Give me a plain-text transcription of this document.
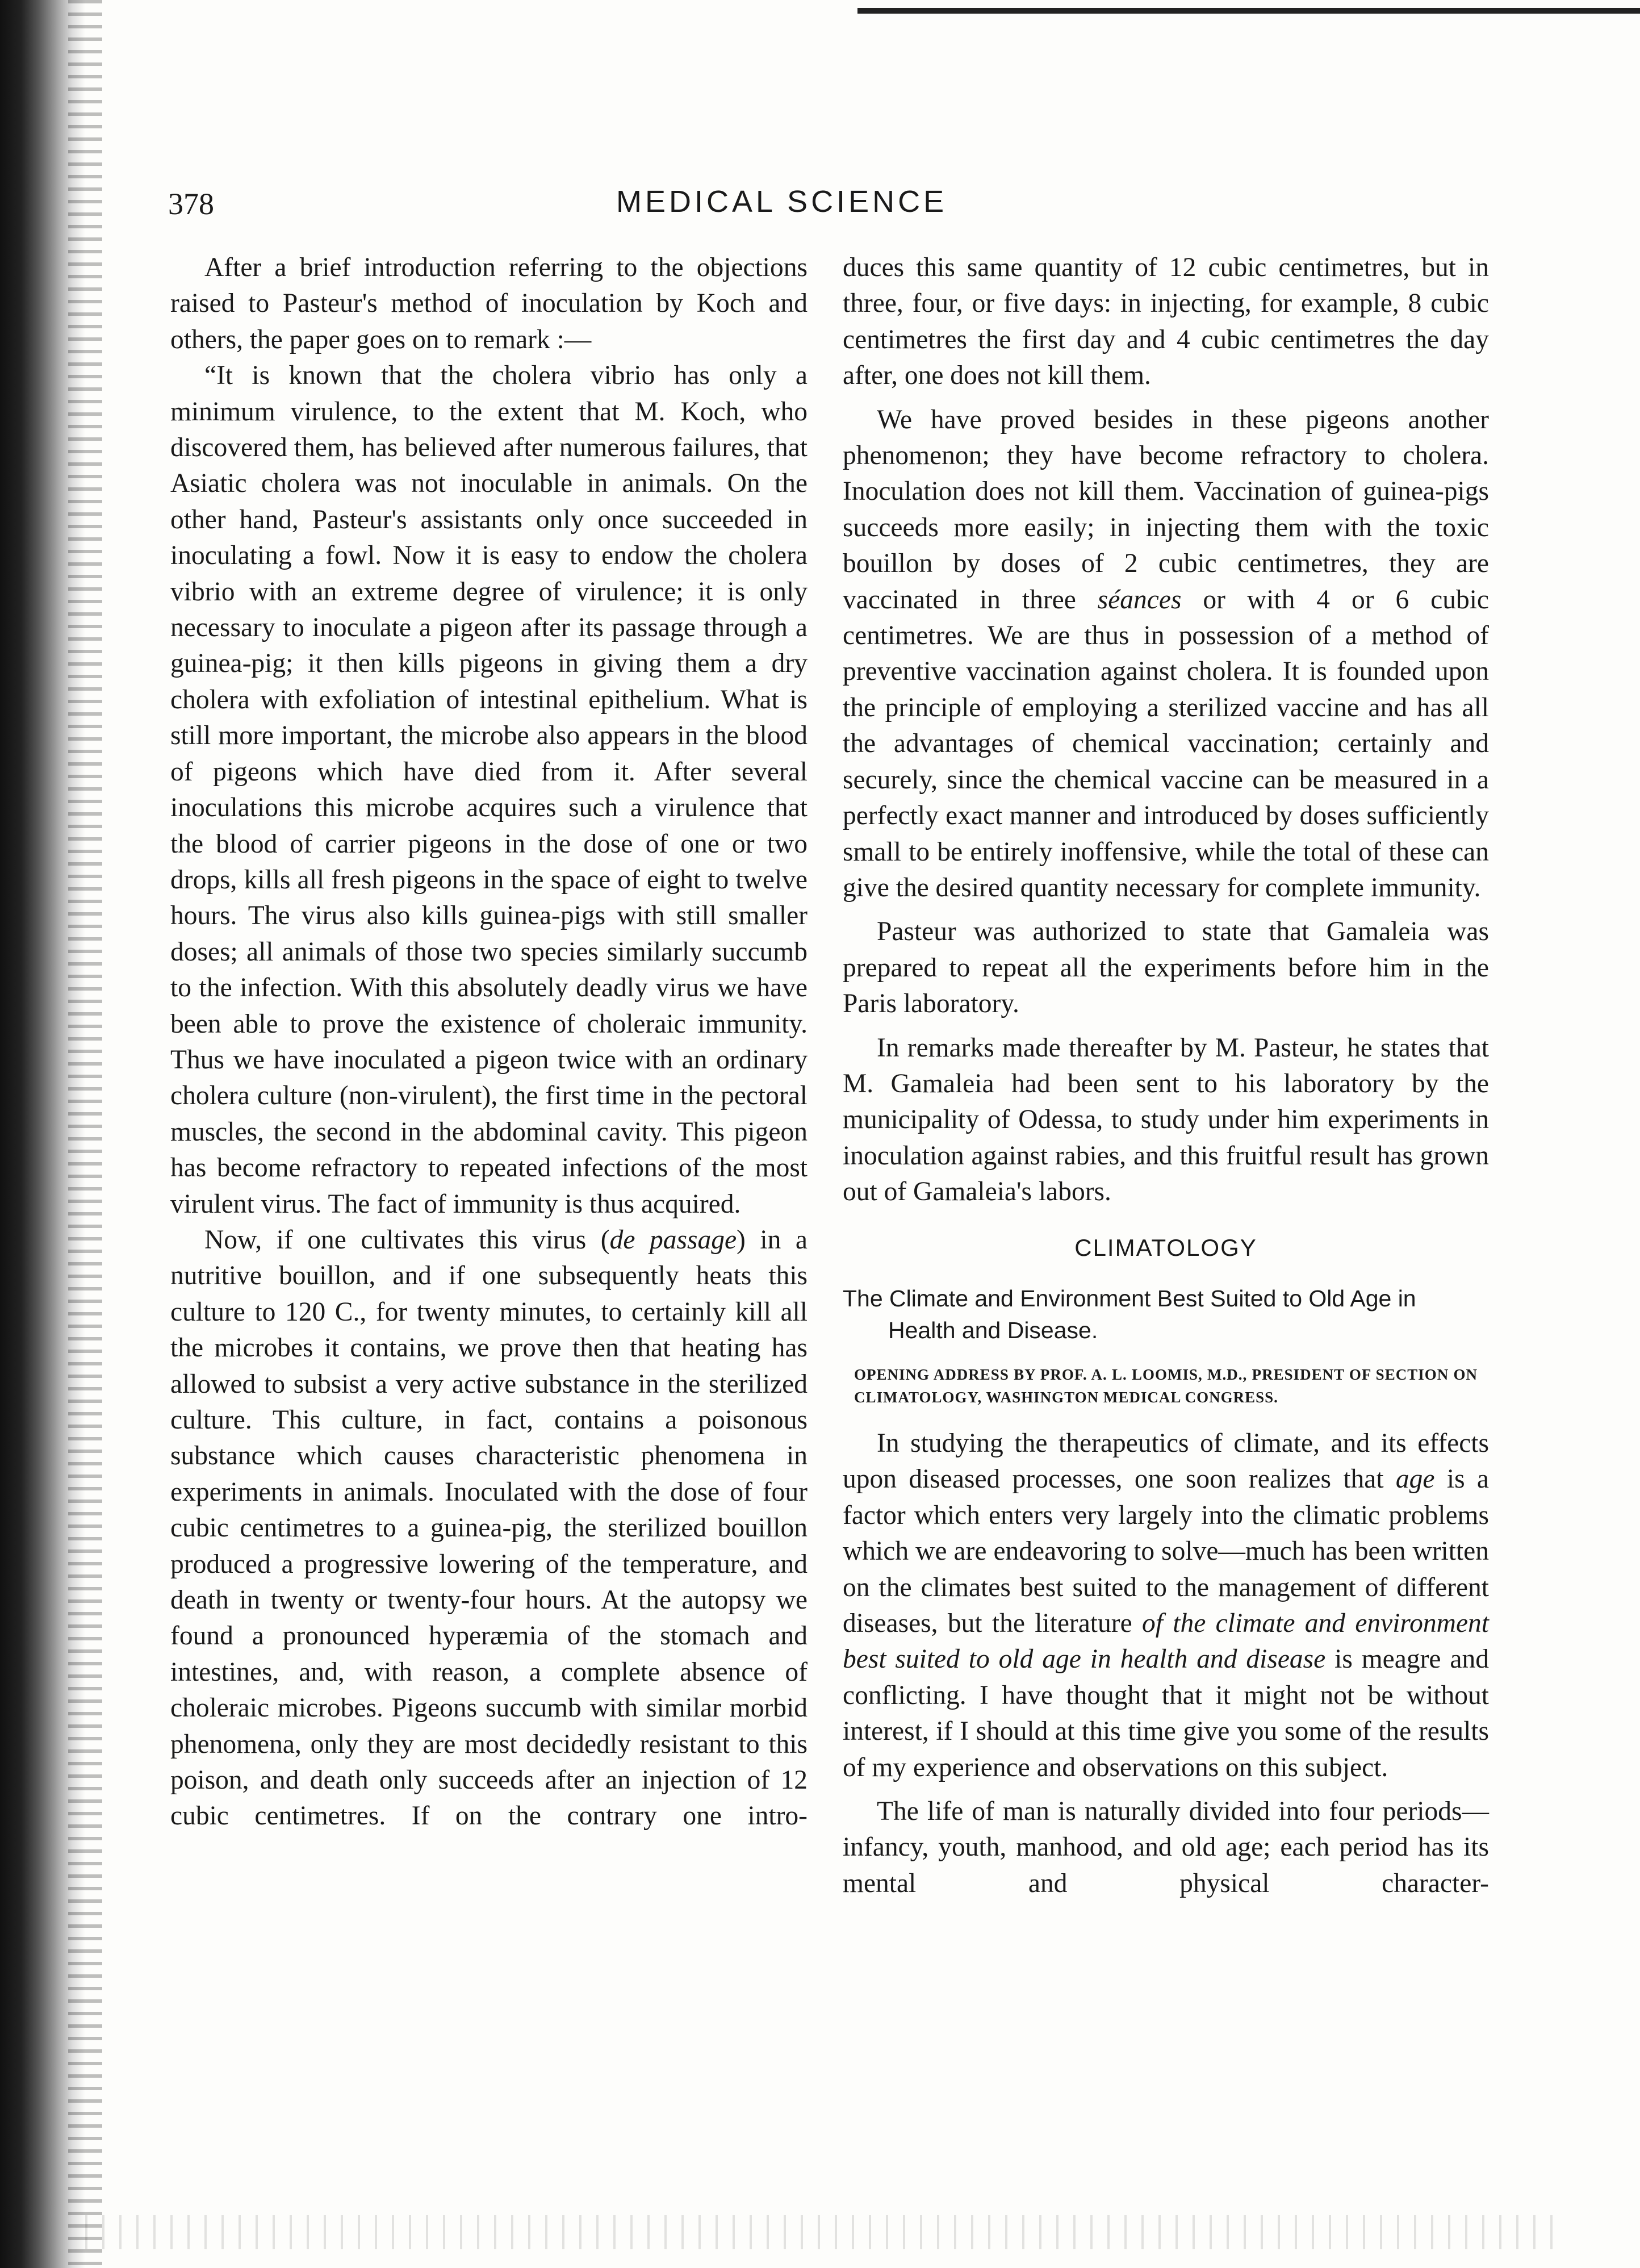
378	MEDICAL SCIENCE

After a brief introduction referring to the objections raised to Pasteur's method of inoculation by Koch and others, the paper goes on to remark :—

“It is known that the cholera vibrio has only a minimum virulence, to the extent that M. Koch, who discovered them, has believed after numerous failures, that Asiatic cholera was not inoculable in animals. On the other hand, Pasteur's assistants only once succeeded in inoculating a fowl. Now it is easy to endow the cholera vibrio with an extreme degree of virulence; it is only necessary to inoculate a pigeon after its passage through a guinea-pig; it then kills pigeons in giving them a dry cholera with exfoliation of intestinal epithelium. What is still more important, the microbe also appears in the blood of pigeons which have died from it. After several inoculations this microbe acquires such a virulence that the blood of carrier pigeons in the dose of one or two drops, kills all fresh pigeons in the space of eight to twelve hours. The virus also kills guinea-pigs with still smaller doses; all animals of those two species similarly succumb to the infection. With this absolutely deadly virus we have been able to prove the existence of choleraic immunity. Thus we have inoculated a pigeon twice with an ordinary cholera culture (non-virulent), the first time in the pectoral muscles, the second in the abdominal cavity. This pigeon has become refractory to repeated infections of the most virulent virus. The fact of immunity is thus acquired.

Now, if one cultivates this virus (de passage) in a nutritive bouillon, and if one subsequently heats this culture to 120 C., for twenty minutes, to certainly kill all the microbes it contains, we prove then that heating has allowed to subsist a very active substance in the sterilized culture. This culture, in fact, contains a poisonous substance which causes characteristic phenomena in experiments in animals. Inoculated with the dose of four cubic centimetres to a guinea-pig, the sterilized bouillon produced a progressive lowering of the temperature, and death in twenty or twenty-four hours. At the autopsy we found a pronounced hyperæmia of the stomach and intestines, and, with reason, a complete absence of choleraic microbes. Pigeons succumb with similar morbid phenomena, only they are most decidedly resistant to this poison, and death only succeeds after an injection of 12 cubic centimetres. If on the contrary one intro-

duces this same quantity of 12 cubic centimetres, but in three, four, or five days: in injecting, for example, 8 cubic centimetres the first day and 4 cubic centimetres the day after, one does not kill them.

We have proved besides in these pigeons another phenomenon; they have become refractory to cholera. Inoculation does not kill them. Vaccination of guinea-pigs succeeds more easily; in injecting them with the toxic bouillon by doses of 2 cubic centimetres, they are vaccinated in three séances or with 4 or 6 cubic centimetres. We are thus in possession of a method of preventive vaccination against cholera. It is founded upon the principle of employing a sterilized vaccine and has all the advantages of chemical vaccination; certainly and securely, since the chemical vaccine can be measured in a perfectly exact manner and introduced by doses sufficiently small to be entirely inoffensive, while the total of these can give the desired quantity necessary for complete immunity.

Pasteur was authorized to state that Gamaleia was prepared to repeat all the experiments before him in the Paris laboratory.

In remarks made thereafter by M. Pasteur, he states that M. Gamaleia had been sent to his laboratory by the municipality of Odessa, to study under him experiments in inoculation against rabies, and this fruitful result has grown out of Gamaleia's labors.

CLIMATOLOGY

The Climate and Environment Best Suited to Old Age in Health and Disease.

OPENING ADDRESS BY PROF. A. L. LOOMIS, M.D., PRESIDENT OF SECTION ON CLIMATOLOGY, WASHINGTON MEDICAL CONGRESS.

In studying the therapeutics of climate, and its effects upon diseased processes, one soon realizes that age is a factor which enters very largely into the climatic problems which we are endeavoring to solve—much has been written on the climates best suited to the management of different diseases, but the literature of the climate and environment best suited to old age in health and disease is meagre and conflicting. I have thought that it might not be without interest, if I should at this time give you some of the results of my experience and observations on this subject.

The life of man is naturally divided into four periods—infancy, youth, manhood, and old age; each period has its mental and physical character-
